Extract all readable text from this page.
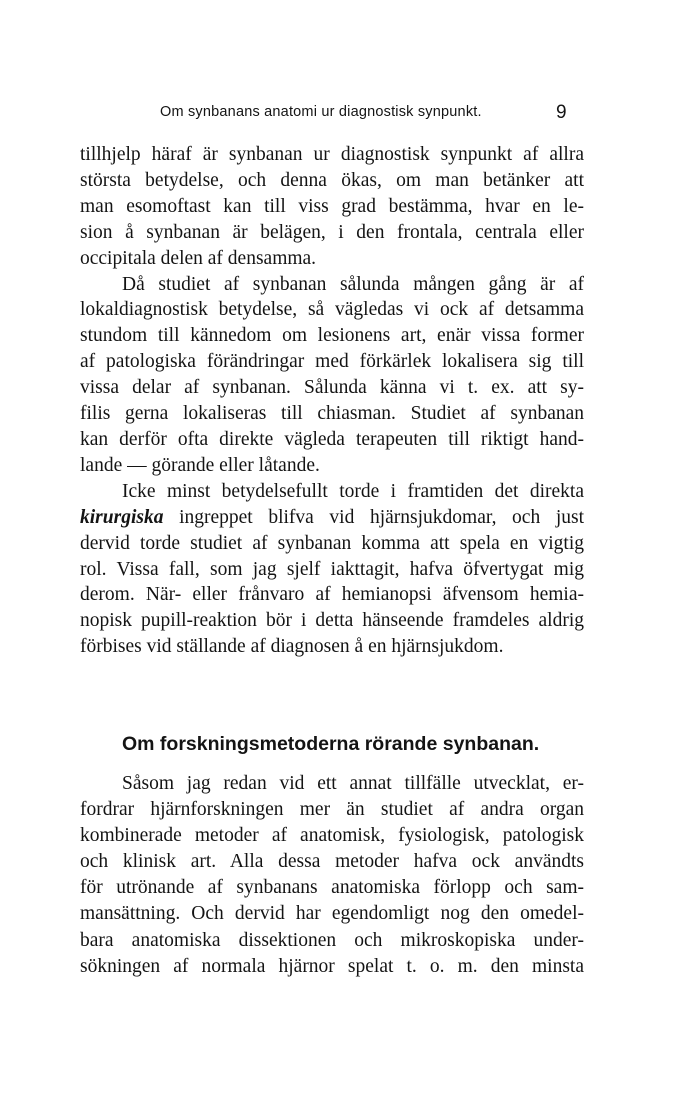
Om synbanans anatomi ur diagnostisk synpunkt.	9
tillhjelp häraf är synbanan ur diagnostisk synpunkt af allra
största betydelse, och denna ökas, om man betänker att
man esomoftast kan till viss grad bestämma, hvar en le-
sion å synbanan är belägen, i den frontala, centrala eller
occipitala delen af densamma.
Då studiet af synbanan sålunda mången gång är af
lokaldiagnostisk betydelse, så vägledas vi ock af detsamma
stundom till kännedom om lesionens art, enär vissa former
af patologiska förändringar med förkärlek lokalisera sig till
vissa delar af synbanan. Sålunda känna vi t. ex. att sy-
filis gerna lokaliseras till chiasman. Studiet af synbanan
kan derför ofta direkte vägleda terapeuten till riktigt hand-
lande — görande eller låtande.
Icke minst betydelsefullt torde i framtiden det direkta
kirurgiska ingreppet blifva vid hjärnsjukdomar, och just
dervid torde studiet af synbanan komma att spela en vigtig
rol. Vissa fall, som jag sjelf iakttagit, hafva öfvertygat mig
derom. När- eller frånvaro af hemianopsi äfvensom hemia-
nopisk pupill-reaktion bör i detta hänseende framdeles aldrig
förbises vid ställande af diagnosen å en hjärnsjukdom.
Om forskningsmetoderna rörande synbanan.
Såsom jag redan vid ett annat tillfälle utvecklat, er-
fordrar hjärnforskningen mer än studiet af andra organ
kombinerade metoder af anatomisk, fysiologisk, patologisk
och klinisk art. Alla dessa metoder hafva ock användts
för utrönande af synbanans anatomiska förlopp och sam-
mansättning. Och dervid har egendomligt nog den omedel-
bara anatomiska dissektionen och mikroskopiska under-
sökningen af normala hjärnor spelat t. o. m. den minsta
